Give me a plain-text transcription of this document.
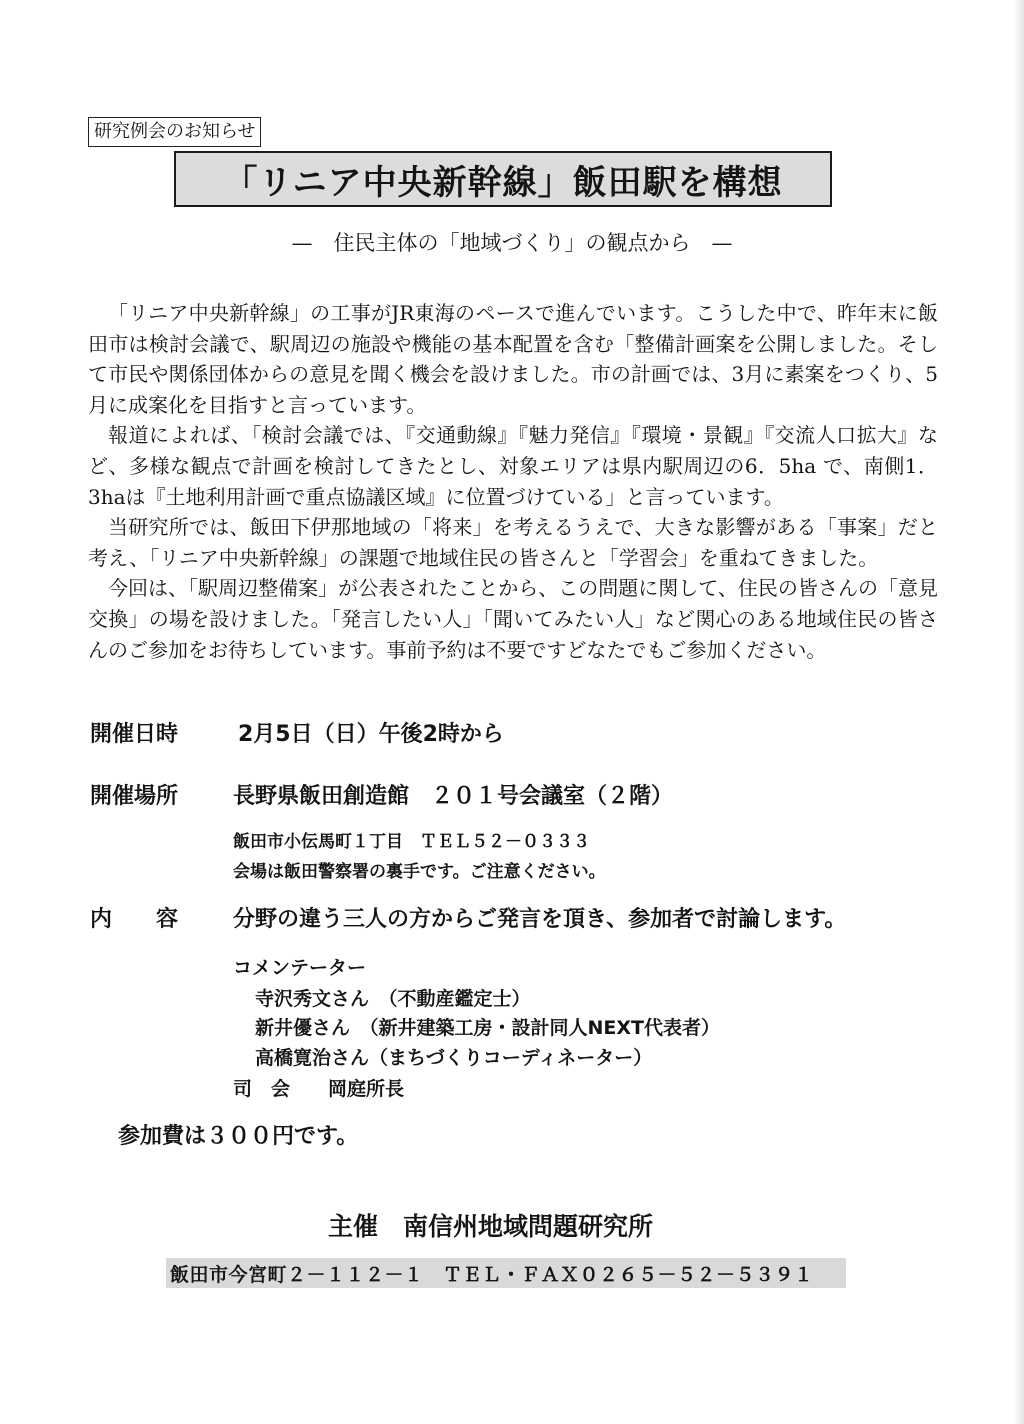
研究例会のお知らせ
「リニア中央新幹線」飯田駅を構想
—　住民主体の「地域づくり」の観点から　—

「リニア中央新幹線」の工事がJR東海のペースで進んでいます。こうした中で、昨年末に飯田市は検討会議で、駅周辺の施設や機能の基本配置を含む「整備計画案を公開しました。そして市民や関係団体からの意見を聞く機会を設けました。市の計画では、3月に素案をつくり、5月に成案化を目指すと言っています。

報道によれば、「検討会議では、『交通動線』『魅力発信』『環境・景観』『交流人口拡大』など、多様な観点で計画を検討してきたとし、対象エリアは県内駅周辺の6．5ha で、南側1．3haは『土地利用計画で重点協議区域』に位置づけている」と言っています。

当研究所では、飯田下伊那地域の「将来」を考えるうえで、大きな影響がある「事案」だと考え、「リニア中央新幹線」の課題で地域住民の皆さんと「学習会」を重ねてきました。

今回は、「駅周辺整備案」が公表されたことから、この問題に関して、住民の皆さんの「意見交換」の場を設けました。「発言したい人」「聞いてみたい人」など関心のある地域住民の皆さんのご参加をお待ちしています。事前予約は不要ですどなたでもご参加ください。

開催日時	2月5日（日）午後2時から
開催場所 長野県飯田創造館　２０１号会議室（２階）
飯田市小伝馬町１丁目　ＴＥＬ５２－０３３３
会場は飯田警察署の裏手です。ご注意ください。
内　　容 分野の違う三人の方からご発言を頂き、参加者で討論します。
コメンテーター
寺沢秀文さん　（不動産鑑定士）
新井優さん　（新井建築工房・設計同人NEXT代表者）
高橋寛治さん（まちづくりコーディネーター）
司　会　　岡庭所長
参加費は３００円です。
主催　南信州地域問題研究所
飯田市今宮町２－１１２－１　ＴＥＬ・ＦＡＸ０２６５－５２－５３９１
